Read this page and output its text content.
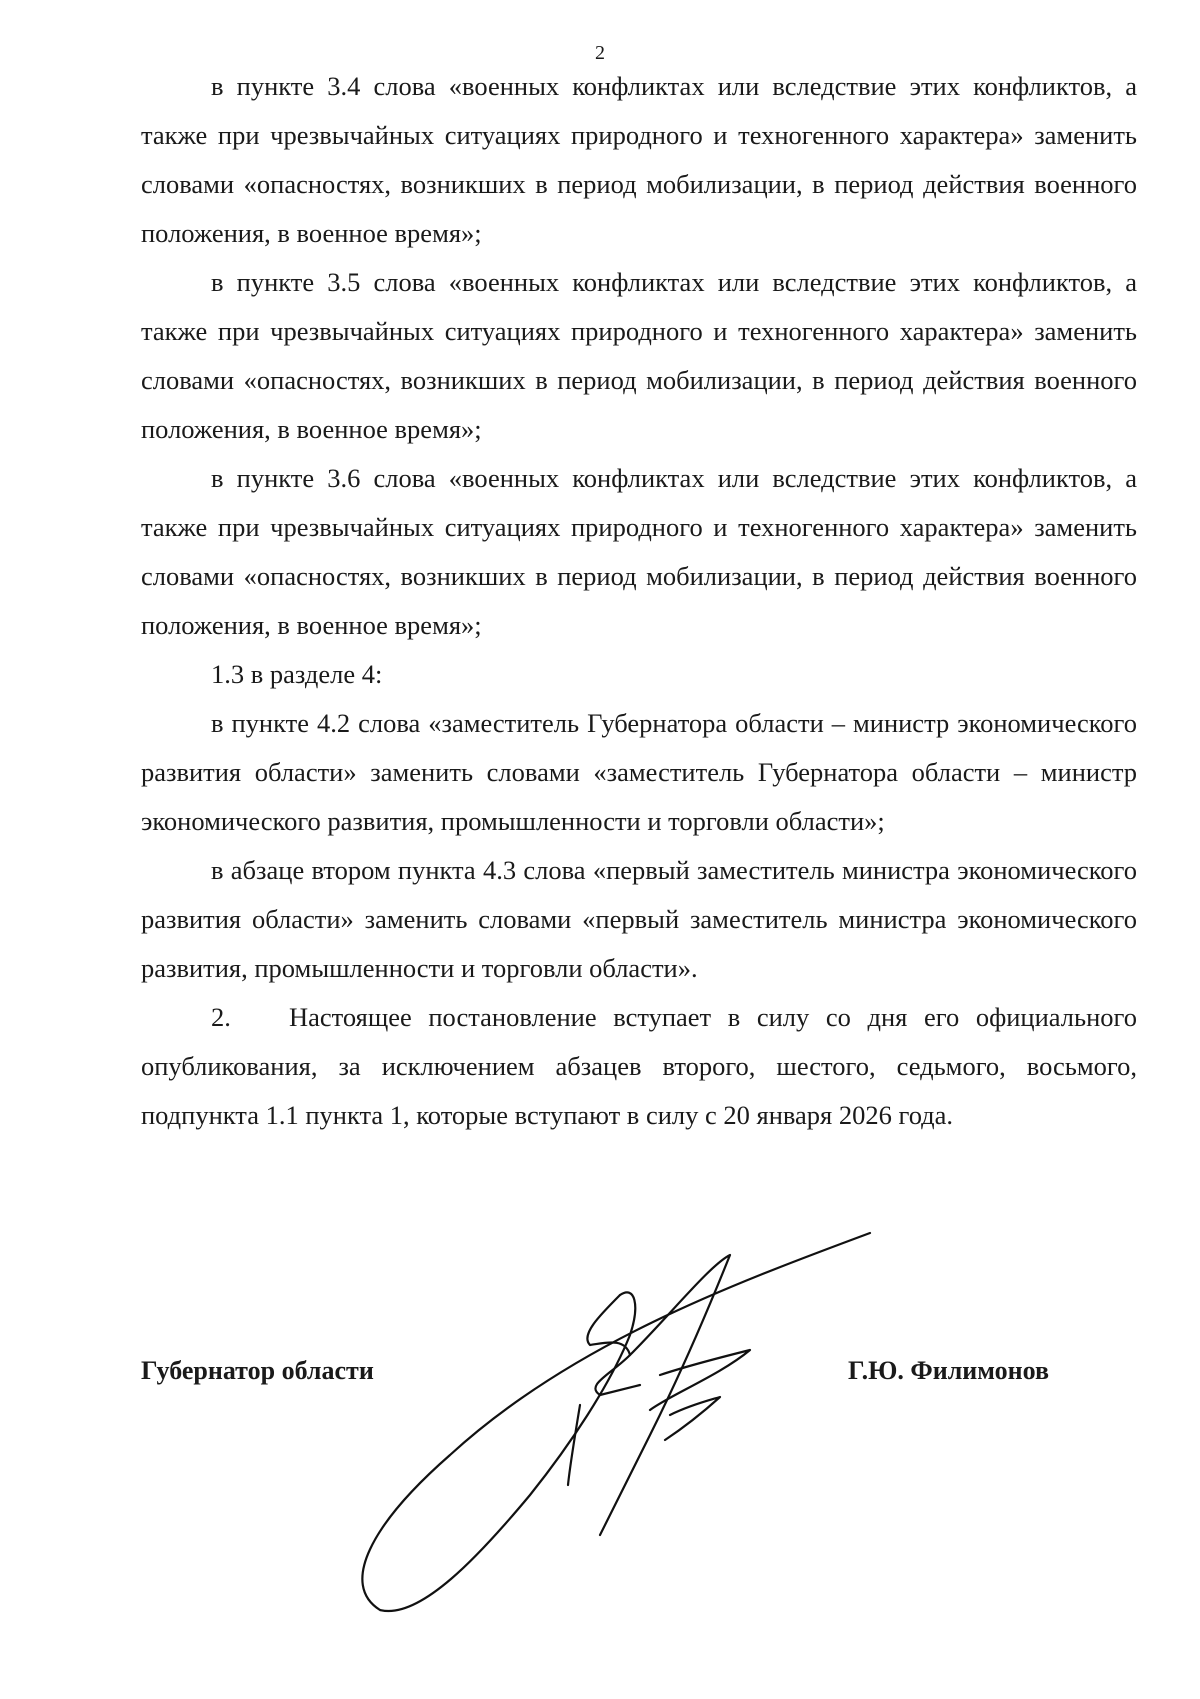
2

в пункте 3.4 слова «военных конфликтах или вследствие этих конфликтов, а также при чрезвычайных ситуациях природного и техногенного характера» заменить словами «опасностях, возникших в период мобилизации, в период действия военного положения, в военное время»;

в пункте 3.5 слова «военных конфликтах или вследствие этих конфликтов, а также при чрезвычайных ситуациях природного и техногенного характера» заменить словами «опасностях, возникших в период мобилизации, в период действия военного положения, в военное время»;

в пункте 3.6 слова «военных конфликтах или вследствие этих конфликтов, а также при чрезвычайных ситуациях природного и техногенного характера» заменить словами «опасностях, возникших в период мобилизации, в период действия военного положения, в военное время»;

1.3 в разделе 4:

в пункте 4.2 слова «заместитель Губернатора области – министр экономического развития области» заменить словами «заместитель Губернатора области – министр экономического развития, промышленности и торговли области»;

в абзаце втором пункта 4.3 слова «первый заместитель министра экономического развития области» заменить словами «первый заместитель министра экономического развития, промышленности и торговли области».

2. Настоящее постановление вступает в силу со дня его официального опубликования, за исключением абзацев второго, шестого, седьмого, восьмого, подпункта 1.1 пункта 1, которые вступают в силу с 20 января 2026 года.

Губернатор области	Г.Ю. Филимонов
